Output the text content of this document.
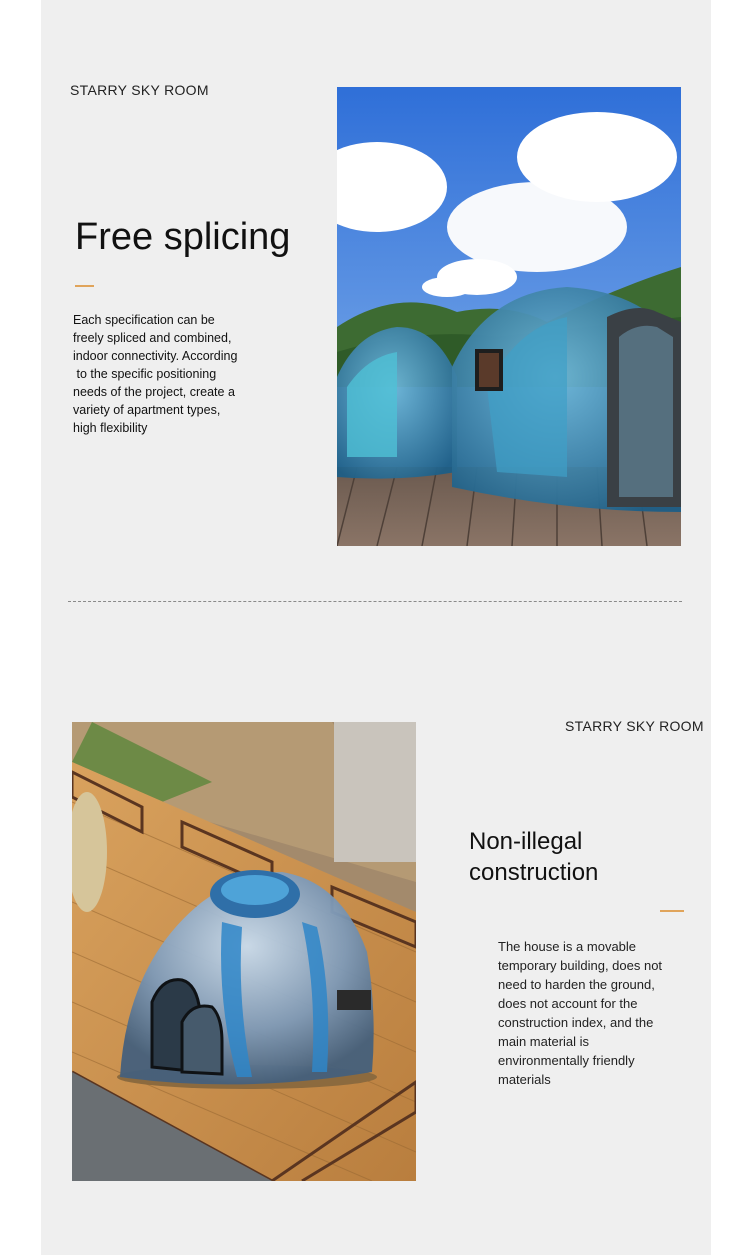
STARRY SKY ROOM
Free splicing
Each specification can be
freely spliced and combined,
indoor connectivity. According
to the specific positioning
needs of the project, create a
variety of apartment types,
high flexibility
STARRY SKY ROOM
Non-illegal
construction
The house is a movable
temporary building, does not
need to harden the ground,
does not account for the
construction index, and the
main material is
environmentally friendly
materials
